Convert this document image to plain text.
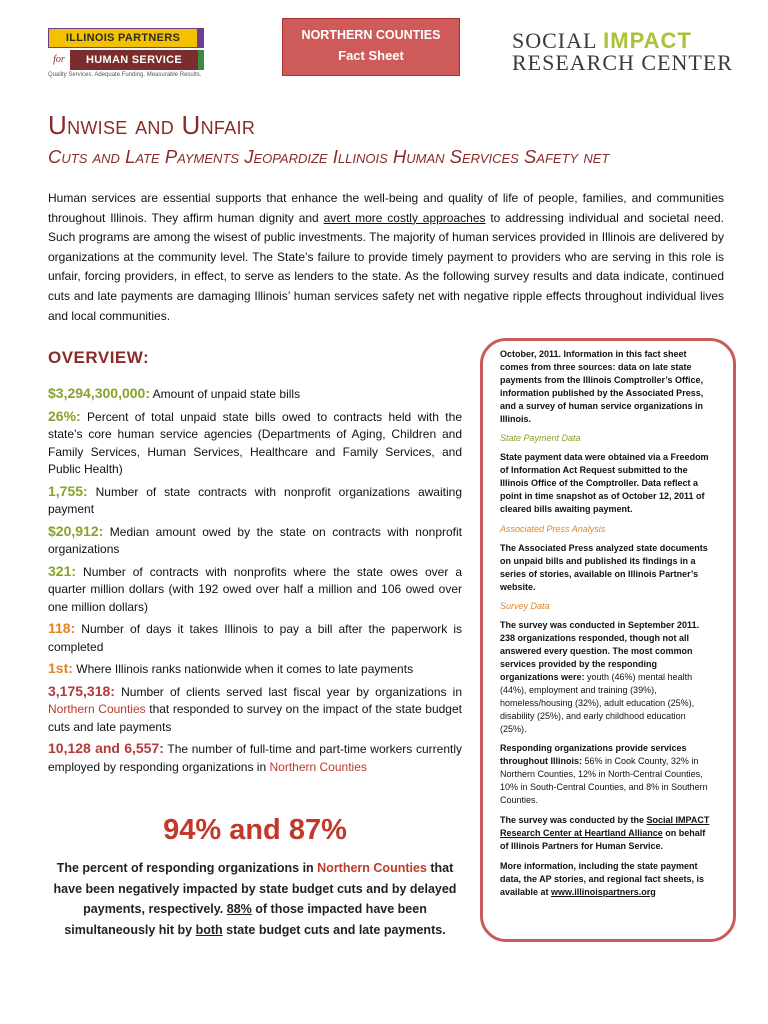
ILLINOIS PARTNERS
for	HUMAN SERVICE
Quality Services. Adequate Funding. Measurable Results.
NORTHERN COUNTIES
Fact Sheet
SOCIAL IMPACT
RESEARCH CENTER
Unwise and Unfair
Cuts and Late Payments Jeopardize Illinois Human Services Safety net
Human services are essential supports that enhance the well-being and quality of life of people, families, and communities throughout Illinois. They affirm human dignity and avert more costly approaches to addressing individual and societal need. Such programs are among the wisest of public investments. The majority of human services provided in Illinois are delivered by organizations at the community level. The State’s failure to provide timely payment to providers who are serving in this role is unfair, forcing providers, in effect, to serve as lenders to the state. As the following survey results and data indicate, continued cuts and late payments are damaging Illinois’ human services safety net with negative ripple effects throughout individual lives and local communities.
OVERVIEW:
$3,294,300,000: Amount of unpaid state bills
26%: Percent of total unpaid state bills owed to contracts held with the state’s core human service agencies (Departments of Aging, Children and Family Services, Human Services, Healthcare and Family Services, and Public Health)
1,755: Number of state contracts with nonprofit organizations awaiting payment
$20,912: Median amount owed by the state on contracts with nonprofit organizations
321: Number of contracts with nonprofits where the state owes over a quarter million dollars (with 192 owed over half a million and 106 owed over one million dollars)
118: Number of days it takes Illinois to pay a bill after the paperwork is completed
1st: Where Illinois ranks nationwide when it comes to late payments
3,175,318: Number of clients served last fiscal year by organizations in Northern Counties that responded to survey on the impact of the state budget cuts and late payments
10,128 and 6,557: The number of full-time and part-time workers currently employed by responding organizations in Northern Counties
94% and 87%
The percent of responding organizations in Northern Counties that have been negatively impacted by state budget cuts and by delayed payments, respectively. 88% of those impacted have been simultaneously hit by both state budget cuts and late payments.

October, 2011. Information in this fact sheet comes from three sources: data on late state payments from the Illinois Comptroller’s Office, information published by the Associated Press, and a survey of human service organizations in Illinois.

State Payment Data

State payment data were obtained via a Freedom of Information Act Request submitted to the Illinois Office of the Comptroller. Data reflect a point in time snapshot as of October 12, 2011 of cleared bills awaiting payment.

Associated Press Analysis

The Associated Press analyzed state documents on unpaid bills and published its findings in a series of stories, available on Illinois Partner’s website.

Survey Data

The survey was conducted in September 2011. 238 organizations responded, though not all answered every question. The most common services provided by the responding organizations were: youth (46%) mental health (44%), employment and training (39%), homeless/housing (32%), adult education (25%), disability (25%), and early childhood education (25%).

Responding organizations provide services throughout Illinois: 56% in Cook County, 32% in Northern Counties, 12% in North-Central Counties, 10% in South-Central Counties, and 8% in Southern Counties.

The survey was conducted by the Social IMPACT Research Center at Heartland Alliance on behalf of Illinois Partners for Human Service.

More information, including the state payment data, the AP stories, and regional fact sheets, is available at www.illinoispartners.org
